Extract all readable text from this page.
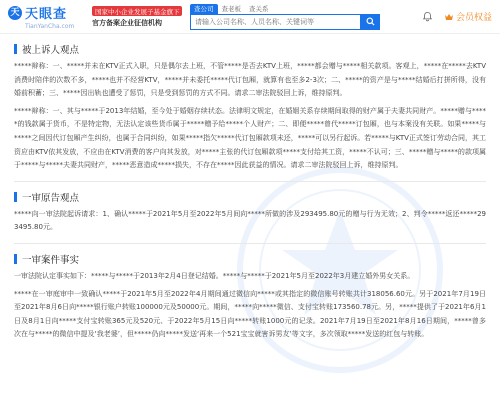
天 天眼查
TianYanCha.com
国家中小企业发展子基金旗下
官方备案企业征信机构
查公司	查老板	查关系
请输入公司名称、人员名称、关键词等
会员权益
被上诉人观点

*****辩称：一、*****并未在KTV正式入职，只是偶尔去上班，不管*****是否去KTV上班，*****都会赠与*****相关款项。客观上，*****在*****去KTV消费时陪伴的次数不多，*****也并不经营KTV，*****并未委托*****代订包厢，就算有也至多2-3次；二、*****的资产是与*****结婚后打拼所得，没有婚前积蓄；三、*****因出轨也遭受了惩罚，只是受到惩罚的方式不同。请求二审法院驳回上诉，维持原判。

*****辩称：一、其与*****于2013年结婚，至今处于婚姻存续状态。法律明文规定，在婚姻关系存续期间取得的财产属于夫妻共同财产。*****赠与*****的钱款属于货币，不是特定物，无法认定该些货币属于*****赠予给*****个人财产；二、即便*****曾代*****订包厢，也与本案没有关联。如果*****与*****之间因代订包厢产生纠纷，也属于合同纠纷，如果*****指欠*****代订包厢款项未还，*****可以另行起诉。若*****与KTV正式签订劳动合同，其工资应由KTV依其发放，不应由在KTV消费的客户向其发放，对*****主张的代订包厢款项*****支付给其工资，*****不认可；三、*****赠与*****的款项属于*****与*****夫妻共同财产，*****恶意造成*****损失，不存在*****因此获益的情况。请求二审法院驳回上诉，维持原判。

一审原告观点

*****向一审法院起诉请求：1、确认*****于2021年5月至2022年5月间向*****所做的涉及293495.80元的赠与行为无效；2、判令*****返还*****293495.80元。

一审案件事实

一审法院认定事实如下：*****与*****于2013年2月4日登记结婚。*****与*****于2021年5月至2022年3月建立婚外男女关系。

*****在一审庭审中一致确认*****于2021年5月至2022年4月期间通过微信向*****或其指定的微信账号转账共计318056.60元。另于2021年7月19日至2021年8月6日向*****银行账户转账100000元及50000元。期间，*****向*****微信、支付宝转账173560.78元。另，*****提供了于2021年6月1日及8月1日向*****支付宝转账365元及520元、于2022年5月15日向*****转账1000元的记录。2021年7月19日至2021年8月16日期间，*****曾多次在与*****的微信中提及‘我老婆’，但*****仍向*****发送‘再来一个521宝宝就害诉男友’等文字，多次领取*****发送的红包与转账。
